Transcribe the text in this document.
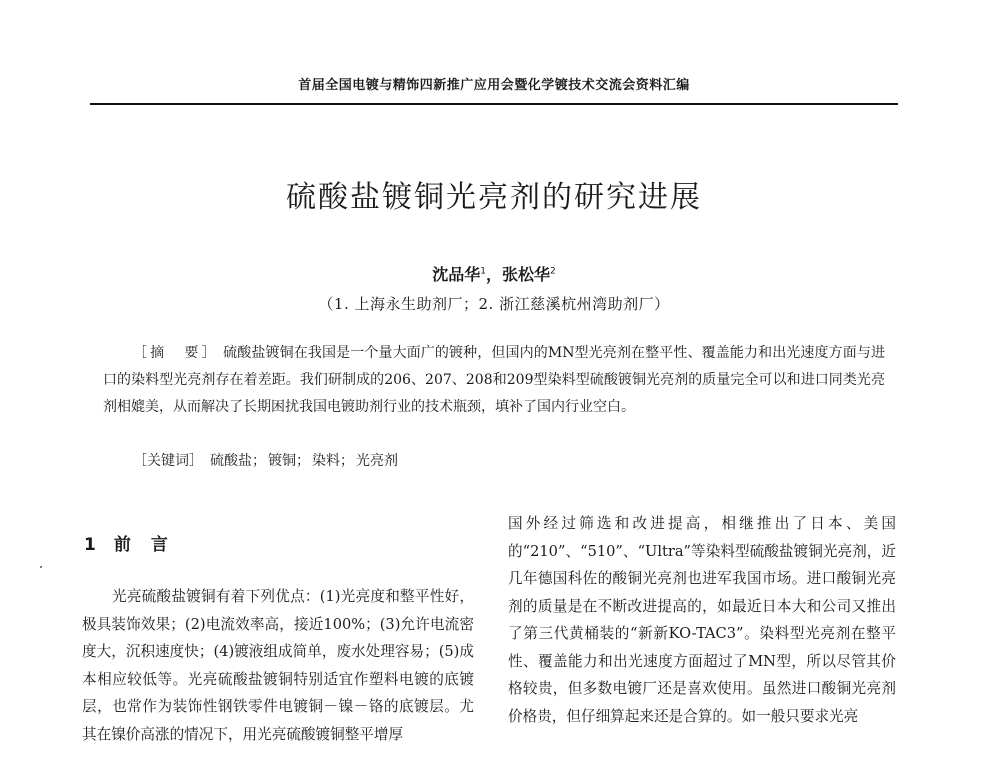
首届全国电镀与精饰四新推广应用会暨化学镀技术交流会资料汇编
硫酸盐镀铜光亮剂的研究进展
沈品华$^1$，张松华$^2$
（1. 上海永生助剂厂；2. 浙江慈溪杭州湾助剂厂）

［摘　要］ 硫酸盐镀铜在我国是一个量大面广的镀种，但国内的MN型光亮剂在整平性、覆盖能力和出光速度方面与进口的染料型光亮剂存在着差距。我们研制成的206、207、208和209型染料型硫酸镀铜光亮剂的质量完全可以和进口同类光亮剂相媲美，从而解决了长期困扰我国电镀助剂行业的技术瓶颈，填补了国内行业空白。

［关键词］　 硫酸盐； 镀铜； 染料； 光亮剂

1 前言

光亮硫酸盐镀铜有着下列优点：(1)光亮度和整平性好，极具装饰效果；(2)电流效率高，接近100%；(3)允许电流密度大，沉积速度快；(4)镀液组成简单，废水处理容易；(5)成本相应较低等。光亮硫酸盐镀铜特别适宜作塑料电镀的底镀层，也常作为装饰性钢铁零件电镀铜－镍－铬的底镀层。尤其在镍价高涨的情况下，用光亮硫酸镀铜整平增厚

国外经过筛选和改进提高，相继推出了日本、美国的“210”、“510”、“Ultra”等染料型硫酸盐镀铜光亮剂，近几年德国科佐的酸铜光亮剂也进军我国市场。进口酸铜光亮剂的质量是在不断改进提高的，如最近日本大和公司又推出了第三代黄桶装的“新新KO-TAC3”。染料型光亮剂在整平性、覆盖能力和出光速度方面超过了MN型，所以尽管其价格较贵，但多数电镀厂还是喜欢使用。虽然进口酸铜光亮剂价格贵，但仔细算起来还是合算的。如一般只要求光亮
